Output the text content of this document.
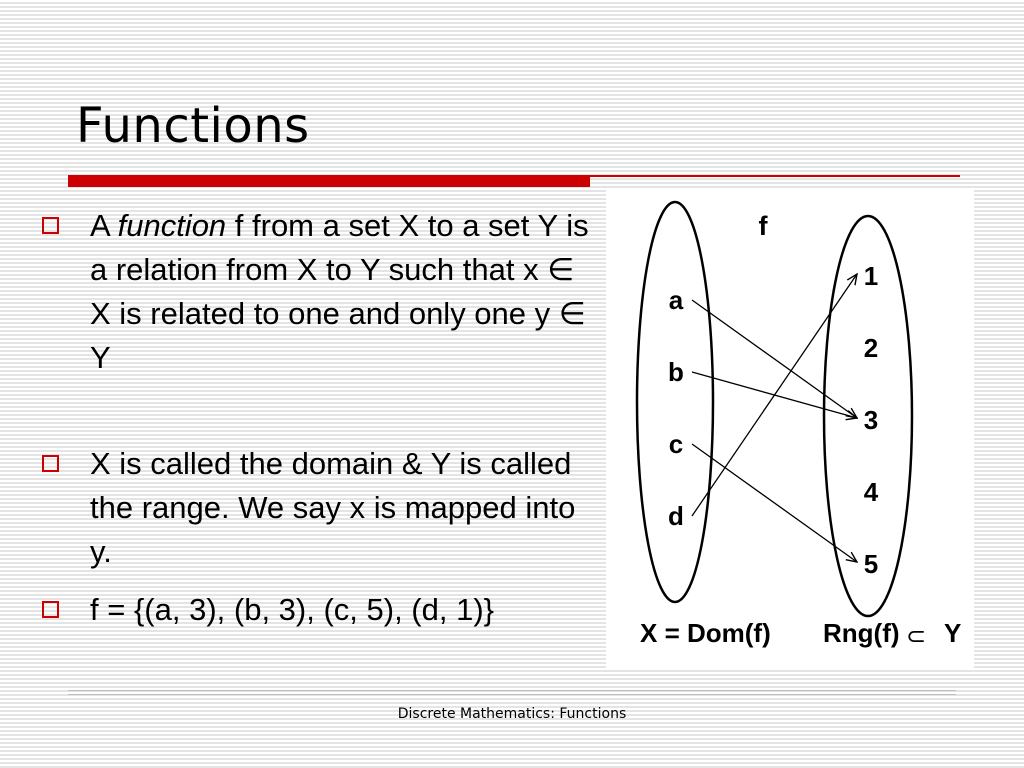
Functions
A function f from a set X to a set Y is a relation from X to Y such that x ∈ X is related to one and only one y ∈ Y
X is called the domain & Y is called the range. We say x is mapped into y.
f = {(a, 3), (b, 3), (c, 5), (d, 1)}
a
b
c
d
1
2
3
4
5
f
X = Dom(f) Rng(f) ⊂ Y
Discrete Mathematics: Functions
